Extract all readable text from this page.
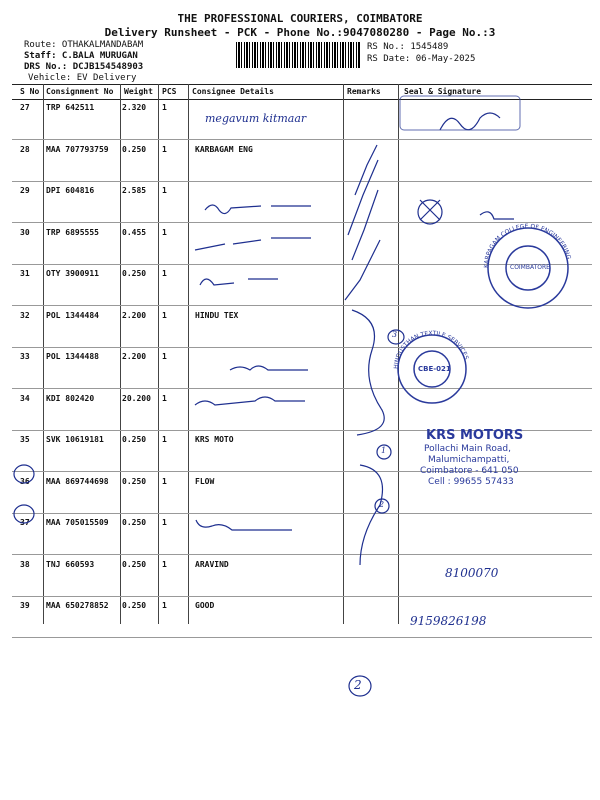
THE PROFESSIONAL COURIERS, COIMBATORE
Delivery Runsheet - PCK - Phone No.:9047080280 - Page No.:3
Route: OTHAKALMANDABAM
Staff: C.BALA MURUGAN
DRS No.: DCJB154548903
Vehicle: EV Delivery
RS No.: 1545489
RS Date: 06-May-2025
S No Consignment No Weight PCS Consignee Details	Remarks	Seal & Signature
27 TRP 642511	2.320 1
28 MAA 707793759 0.250 1	KARBAGAM ENG
29 DPI 604816	2.585 1
30 TRP 6895555	0.455 1
31 OTY 3900911	0.250 1
32 POL 1344484	2.200 1	HINDU TEX
33 POL 1344488	2.200 1
34 KDI 802420	20.200 1
35 SVK 10619181 0.250 1	KRS MOTO
36 MAA 869744698 0.250 1	FLOW
37 MAA 705015509 0.250 1
38 TNJ 660593	0.250 1	ARAVIND
39 MAA 650278852 0.250 1	GOOD
KARPAGAM COLLEGE OF ENGINEERING
HINDUSTHAN TEXTILE SERVICES
megavum kitmaar
3
1
2
2
8100070
9159826198
KRS MOTORS
Pollachi Main Road,
Malumichampatti,
Coimbatore - 641 050
Cell : 99655 57433
CBE-021
COIMBATORE
